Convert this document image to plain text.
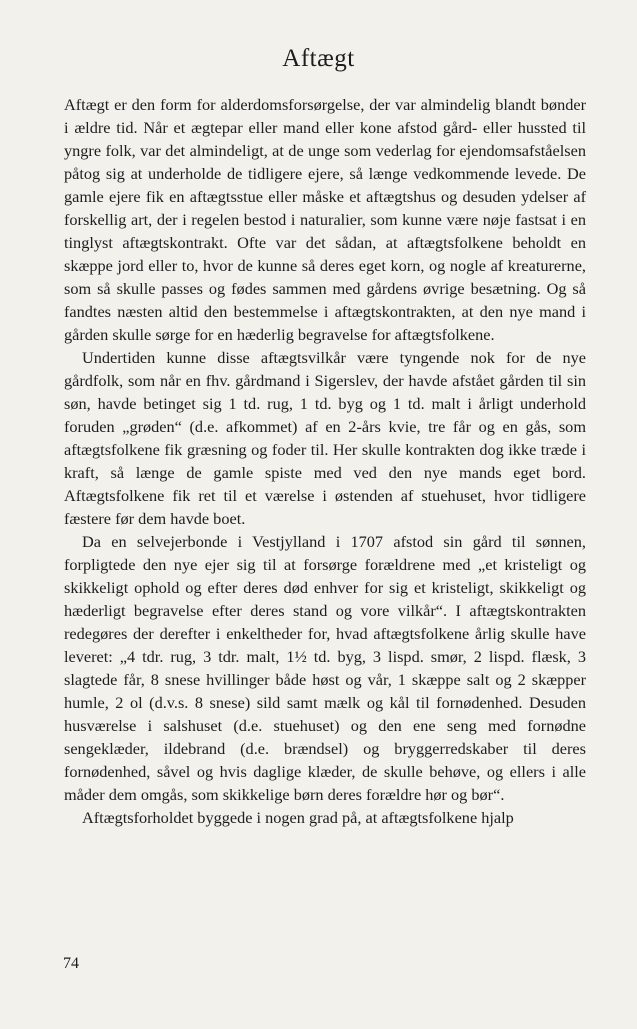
Aftægt

Aftægt er den form for alderdomsforsørgelse, der var almindelig blandt bønder i ældre tid. Når et ægtepar eller mand eller kone afstod gård- eller hussted til yngre folk, var det almindeligt, at de unge som vederlag for ejendomsafståelsen påtog sig at underholde de tidligere ejere, så længe vedkommende levede. De gamle ejere fik en aftægtsstue eller måske et aftægtshus og desuden ydelser af forskellig art, der i regelen bestod i naturalier, som kunne være nøje fastsat i en tinglyst aftægtskontrakt. Ofte var det sådan, at aftægtsfolkene beholdt en skæppe jord eller to, hvor de kunne så deres eget korn, og nogle af kreaturerne, som så skulle passes og fødes sammen med gårdens øvrige besætning. Og så fandtes næsten altid den bestemmelse i aftægtskontrakten, at den nye mand i gården skulle sørge for en hæderlig begravelse for aftægtsfolkene.

Undertiden kunne disse aftægtsvilkår være tyngende nok for de nye gårdfolk, som når en fhv. gårdmand i Sigerslev, der havde afstået gården til sin søn, havde betinget sig 1 td. rug, 1 td. byg og 1 td. malt i årligt underhold foruden „grøden“ (d.e. afkommet) af en 2-års kvie, tre får og en gås, som aftægtsfolkene fik græsning og foder til. Her skulle kontrakten dog ikke træde i kraft, så længe de gamle spiste med ved den nye mands eget bord. Aftægtsfolkene fik ret til et værelse i østenden af stuehuset, hvor tidligere fæstere før dem havde boet.

Da en selvejerbonde i Vestjylland i 1707 afstod sin gård til sønnen, forpligtede den nye ejer sig til at forsørge forældrene med „et kristeligt og skikkeligt ophold og efter deres død enhver for sig et kristeligt, skikkeligt og hæderligt begravelse efter deres stand og vore vilkår“. I aftægtskontrakten redegøres der derefter i enkeltheder for, hvad aftægtsfolkene årlig skulle have leveret: „4 tdr. rug, 3 tdr. malt, 1½ td. byg, 3 lispd. smør, 2 lispd. flæsk, 3 slagtede får, 8 snese hvillinger både høst og vår, 1 skæppe salt og 2 skæpper humle, 2 ol (d.v.s. 8 snese) sild samt mælk og kål til fornødenhed. Desuden husværelse i salshuset (d.e. stuehuset) og den ene seng med fornødne sengeklæder, ildebrand (d.e. brændsel) og bryggerredskaber til deres fornødenhed, såvel og hvis daglige klæder, de skulle behøve, og ellers i alle måder dem omgås, som skikkelige børn deres forældre hør og bør“.

Aftægtsforholdet byggede i nogen grad på, at aftægtsfolkene hjalp

74
